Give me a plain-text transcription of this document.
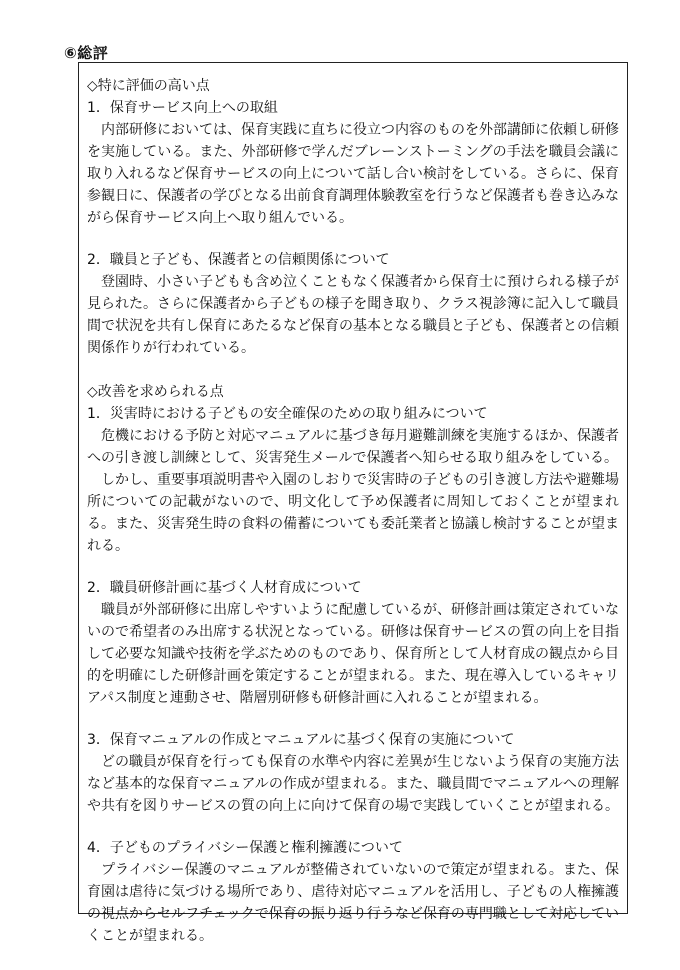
⑥総評

◇特に評価の高い点

1．保育サービス向上への取組

内部研修においては、保育実践に直ちに役立つ内容のものを外部講師に依頼し研修を実施している。また、外部研修で学んだブレーンストーミングの手法を職員会議に取り入れるなど保育サービスの向上について話し合い検討をしている。さらに、保育参観日に、保護者の学びとなる出前食育調理体験教室を行うなど保護者も巻き込みながら保育サービス向上へ取り組んでいる。

2．職員と子ども、保護者との信頼関係について

登園時、小さい子どもも含め泣くこともなく保護者から保育士に預けられる様子が見られた。さらに保護者から子どもの様子を聞き取り、クラス視診簿に記入して職員間で状況を共有し保育にあたるなど保育の基本となる職員と子ども、保護者との信頼関係作りが行われている。

◇改善を求められる点

1．災害時における子どもの安全確保のための取り組みについて

危機における予防と対応マニュアルに基づき毎月避難訓練を実施するほか、保護者への引き渡し訓練として、災害発生メールで保護者へ知らせる取り組みをしている。

しかし、重要事項説明書や入園のしおりで災害時の子どもの引き渡し方法や避難場所についての記載がないので、明文化して予め保護者に周知しておくことが望まれる。また、災害発生時の食料の備蓄についても委託業者と協議し検討することが望まれる。

2．職員研修計画に基づく人材育成について

職員が外部研修に出席しやすいように配慮しているが、研修計画は策定されていないので希望者のみ出席する状況となっている。研修は保育サービスの質の向上を目指して必要な知識や技術を学ぶためのものであり、保育所として人材育成の観点から目的を明確にした研修計画を策定することが望まれる。また、現在導入しているキャリアパス制度と連動させ、階層別研修も研修計画に入れることが望まれる。

3．保育マニュアルの作成とマニュアルに基づく保育の実施について

どの職員が保育を行っても保育の水準や内容に差異が生じないよう保育の実施方法など基本的な保育マニュアルの作成が望まれる。また、職員間でマニュアルへの理解や共有を図りサービスの質の向上に向けて保育の場で実践していくことが望まれる。

4．子どものプライバシー保護と権利擁護について

プライバシー保護のマニュアルが整備されていないので策定が望まれる。また、保育園は虐待に気づける場所であり、虐待対応マニュアルを活用し、子どもの人権擁護の視点からセルフチェックで保育の振り返り行うなど保育の専門職として対応していくことが望まれる。
